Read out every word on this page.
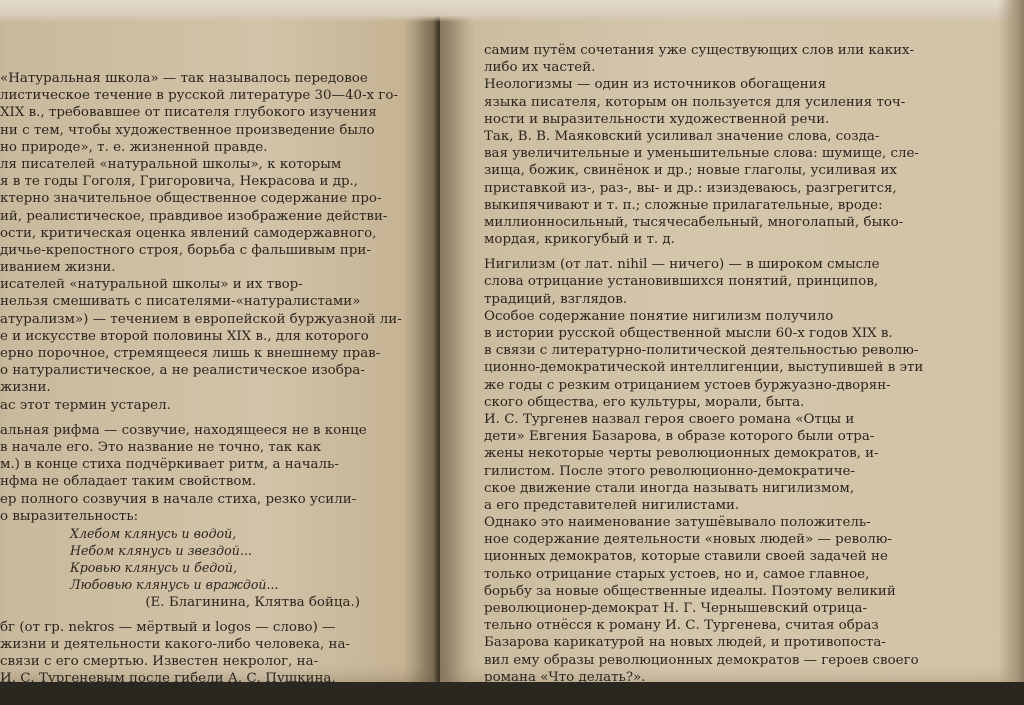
«Натуральная школа» — так называлось передовое
листическое течение в русской литературе 30—40-х го-
XIX в., требовавшее от писателя глубокого изучения
ни с тем, чтобы художественное произведение было
но природе», т. е. жизненной правде.
ля писателей «натуральной школы», к которым
я в те годы Гоголя, Григоровича, Некрасова и др.,
ктерно значительное общественное содержание про-
ий, реалистическое, правдивое изображение действи-
ости, критическая оценка явлений самодержавного,
дичье-крепостного строя, борьба с фальшивым при-
иванием жизни.
исателей «натуральной школы» и их твор-
нельзя смешивать с писателями-«натуралистами»
атурализм») — течением в европейской буржуазной ли-
е и искусстве второй половины XIX в., для которого
ерно порочное, стремящееся лишь к внешнему прав-
о натуралистическое, а не реалистическое изобра-
жизни.
ас этот термин устарел.
альная рифма — созвучие, находящееся не в конце
в начале его. Это название не точно, так как
м.) в конце стиха подчёркивает ритм, а началь-
нфма не обладает таким свойством.
ер полного созвучия в начале стиха, резко усили-
о выразительность:
Хлебом клянусь и водой,
Небом клянусь и звездой...
Кровью клянусь и бедой,
Любовью клянусь и враждой...
(Е. Благинина, Клятва бойца.)
бг (от гр. nekros — мёртвый и logos — слово) —
жизни и деятельности какого-либо человека, на-
связи с его смертью. Известен некролог, на-
И. С. Тургеневым после гибели А. С. Пушкина,
полицейские преследования писателя.
самим путём сочетания уже существующих слов или каких-
либо их частей.
Неологизмы — один из источников обогащения
языка писателя, которым он пользуется для усиления точ-
ности и выразительности художественной речи.
Так, В. В. Маяковский усиливал значение слова, созда-
вая увеличительные и уменьшительные слова: шумище, сле-
зища, божик, свинёнок и др.; новые глаголы, усиливая их
приставкой из-, раз-, вы- и др.: изиздеваюсь, разгрегится,
выкипячивают и т. п.; сложные прилагательные, вроде:
миллионносильный, тысячесабельный, многолапый, быко-
мордая, крикогубый и т. д.
Нигилизм (от лат. nihil — ничего) — в широком смысле
слова отрицание установившихся понятий, принципов,
традиций, взглядов.
Особое содержание понятие нигилизм получило
в истории русской общественной мысли 60-х годов XIX в.
в связи с литературно-политической деятельностью револю-
ционно-демократической интеллигенции, выступившей в эти
же годы с резким отрицанием устоев буржуазно-дворян-
ского общества, его культуры, морали, быта.
И. С. Тургенев назвал героя своего романа «Отцы и
дети» Евгения Базарова, в образе которого были отра-
жены некоторые черты революционных демократов, и-
гилистом. После этого революционно-демократиче-
ское движение стали иногда называть нигилизмом,
а его представителей нигилистами.
Однако это наименование затушёвывало положитель-
ное содержание деятельности «новых людей» — револю-
ционных демократов, которые ставили своей задачей не
только отрицание старых устоев, но и, самое главное,
борьбу за новые общественные идеалы. Поэтому великий
революционер-демократ Н. Г. Чернышевский отрица-
тельно отнёсся к роману И. С. Тургенева, считая образ
Базарова карикатурой на новых людей, и противопоста-
вил ему образы революционных демократов — героев своего
романа «Что делать?».
